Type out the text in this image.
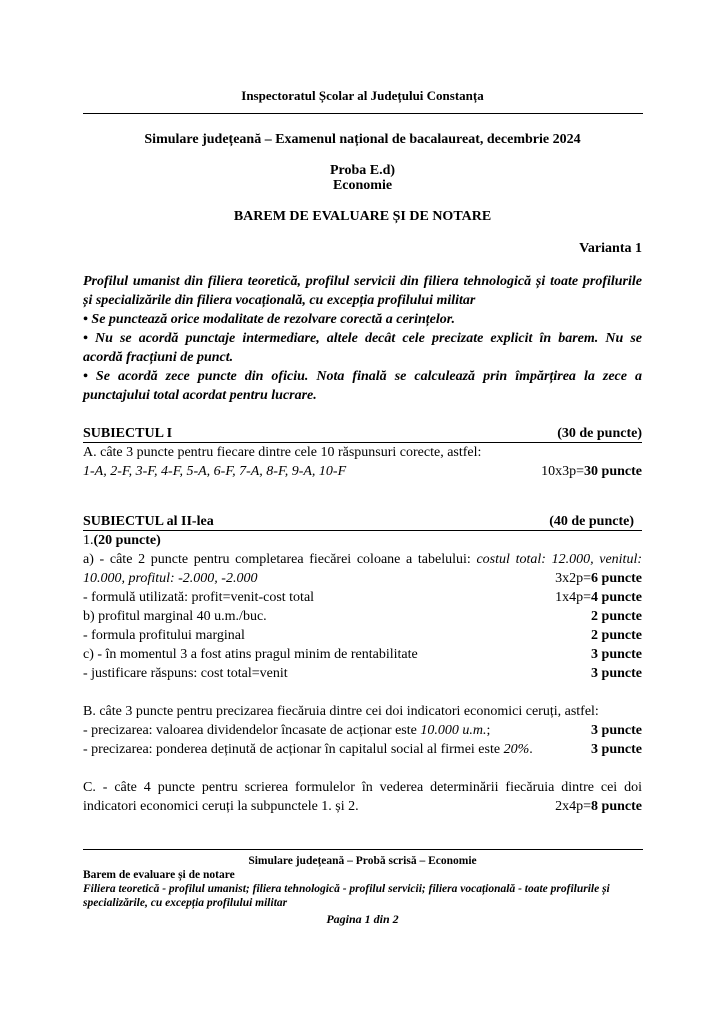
Inspectoratul Școlar al Județului Constanța
Simulare județeană – Examenul național de bacalaureat, decembrie 2024
Proba E.d)
Economie
BAREM DE EVALUARE ȘI DE NOTARE
Varianta 1
Profilul umanist din filiera teoretică, profilul servicii din filiera tehnologică și toate profilurile
și specializările din filiera vocațională, cu excepția profilului militar
• Se punctează orice modalitate de rezolvare corectă a cerințelor.
• Nu se acordă punctaje intermediare, altele decât cele precizate explicit în barem. Nu se
acordă fracțiuni de punct.
• Se acordă zece puncte din oficiu. Nota finală se calculează prin împărțirea la zece a
punctajului total acordat pentru lucrare.
SUBIECTUL I	(30 de puncte)
A. câte 3 puncte pentru fiecare dintre cele 10 răspunsuri corecte, astfel:
1-A, 2-F, 3-F, 4-F, 5-A, 6-F, 7-A, 8-F, 9-A, 10-F	10x3p=30 puncte
SUBIECTUL al II-lea	(40 de puncte)
1.(20 puncte)
a) - câte 2 puncte pentru completarea fiecărei coloane a tabelului: costul total: 12.000, venitul:
10.000, profitul: -2.000, -2.000	3x2p=6 puncte
- formulă utilizată: profit=venit-cost total	1x4p=4 puncte
b) profitul marginal 40 u.m./buc.	2 puncte
- formula profitului marginal	2 puncte
c) - în momentul 3 a fost atins pragul minim de rentabilitate	3 puncte
- justificare răspuns: cost total=venit	3 puncte
B. câte 3 puncte pentru precizarea fiecăruia dintre cei doi indicatori economici ceruți, astfel:
- precizarea: valoarea dividendelor încasate de acționar este 10.000 u.m.;	3 puncte
- precizarea: ponderea deținută de acționar în capitalul social al firmei este 20%.	3 puncte
C. - câte 4 puncte pentru scrierea formulelor în vederea determinării fiecăruia dintre cei doi
indicatori economici ceruți la subpunctele 1. și 2.	2x4p=8 puncte
Simulare județeană – Probă scrisă – Economie
Barem de evaluare și de notare
Filiera teoretică - profilul umanist; filiera tehnologică - profilul servicii; filiera vocațională - toate profilurile și
specializările, cu excepția profilului militar
Pagina 1 din 2
